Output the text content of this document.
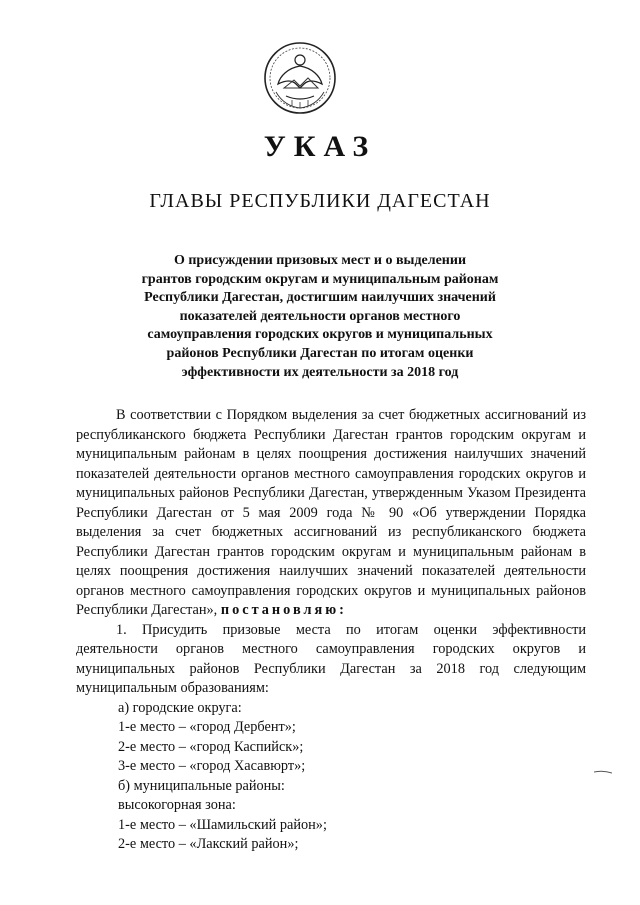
УКАЗ
ГЛАВЫ РЕСПУБЛИКИ ДАГЕСТАН
О присуждении призовых мест и о выделении
грантов городским округам и муниципальным районам
Республики Дагестан, достигшим наилучших значений
показателей деятельности органов местного
самоуправления городских округов и муниципальных
районов Республики Дагестан по итогам оценки
эффективности их деятельности за 2018 год
В соответствии с Порядком выделения за счет бюджетных ассигнований из республиканского бюджета Республики Дагестан грантов городским округам и муниципальным районам в целях поощрения достижения наилучших значений показателей деятельности органов местного самоуправления городских округов и муниципальных районов Республики Дагестан, утвержденным Указом Президента Республики Дагестан от 5 мая 2009 года № 90 «Об утверждении Порядка выделения за счет бюджетных ассигнований из республиканского бюджета Республики Дагестан грантов городским округам и муниципальным районам в целях поощрения достижения наилучших значений показателей деятельности органов местного самоуправления городских округов и муниципальных районов Республики Дагестан», постановляю:
1. Присудить призовые места по итогам оценки эффективности деятельности органов местного самоуправления городских округов и муниципальных районов Республики Дагестан за 2018 год следующим муниципальным образованиям:
а) городские округа:
1-е место – «город Дербент»;
2-е место – «город Каспийск»;
3-е место – «город Хасавюрт»;
б) муниципальные районы:
высокогорная зона:
1-е место – «Шамильский район»;
2-е место – «Лакский район»;
